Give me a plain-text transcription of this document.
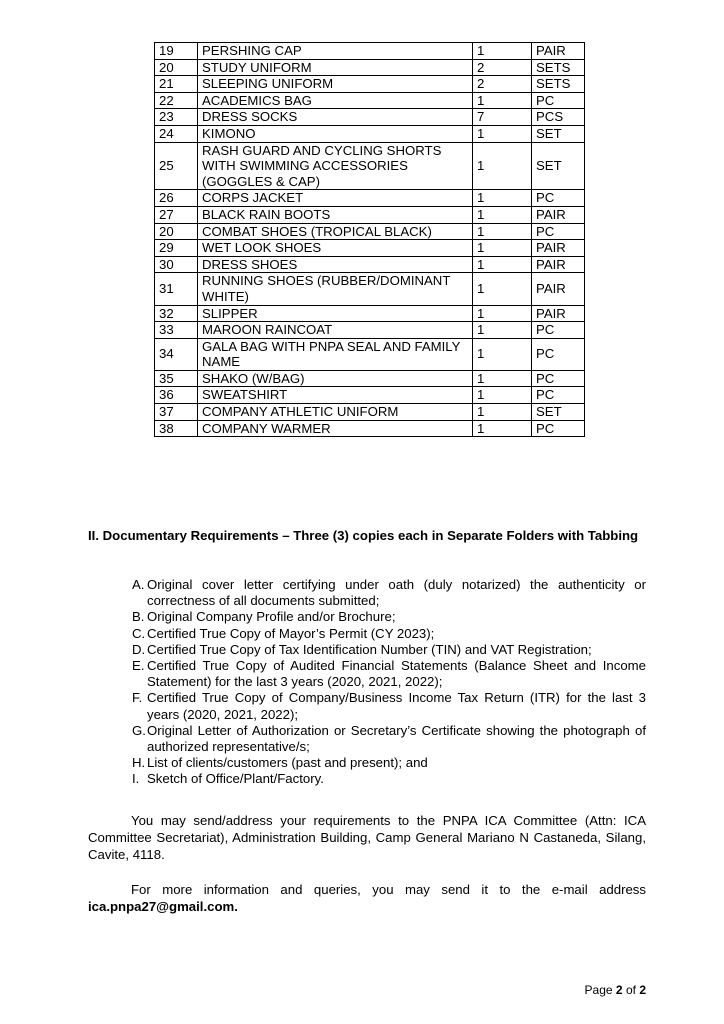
19	PERSHING CAP	1	PAIR
20	STUDY UNIFORM	2	SETS
21	SLEEPING UNIFORM	2	SETS
22	ACADEMICS BAG	1	PC
23	DRESS SOCKS	7	PCS
24	KIMONO	1	SET
25	RASH GUARD AND CYCLING SHORTS WITH SWIMMING ACCESSORIES (GOGGLES & CAP)	1	SET
26	CORPS JACKET	1	PC
27	BLACK RAIN BOOTS	1	PAIR
20	COMBAT SHOES (TROPICAL BLACK)	1	PC
29	WET LOOK SHOES	1	PAIR
30	DRESS SHOES	1	PAIR
31	RUNNING SHOES (RUBBER/DOMINANT WHITE)	1	PAIR
32	SLIPPER	1	PAIR
33	MAROON RAINCOAT	1	PC
34	GALA BAG WITH PNPA SEAL AND FAMILY NAME	1	PC
35	SHAKO (W/BAG)	1	PC
36	SWEATSHIRT	1	PC
37	COMPANY ATHLETIC UNIFORM	1	SET
38	COMPANY WARMER	1	PC
II. Documentary Requirements – Three (3) copies each in Separate Folders with Tabbing
A. Original cover letter certifying under oath (duly notarized) the authenticity or correctness of all documents submitted;
B. Original Company Profile and/or Brochure;
C. Certified True Copy of Mayor’s Permit (CY 2023);
D. Certified True Copy of Tax Identification Number (TIN) and VAT Registration;
E. Certified True Copy of Audited Financial Statements (Balance Sheet and Income Statement) for the last 3 years (2020, 2021, 2022);
F. Certified True Copy of Company/Business Income Tax Return (ITR) for the last 3 years (2020, 2021, 2022);
G. Original Letter of Authorization or Secretary’s Certificate showing the photograph of authorized representative/s;
H. List of clients/customers (past and present); and
I. Sketch of Office/Plant/Factory.

You may send/address your requirements to the PNPA ICA Committee (Attn: ICA Committee Secretariat), Administration Building, Camp General Mariano N Castaneda, Silang, Cavite, 4118.

For more information and queries, you may send it to the e-mail address ica.pnpa27@gmail.com.

Page 2 of 2
